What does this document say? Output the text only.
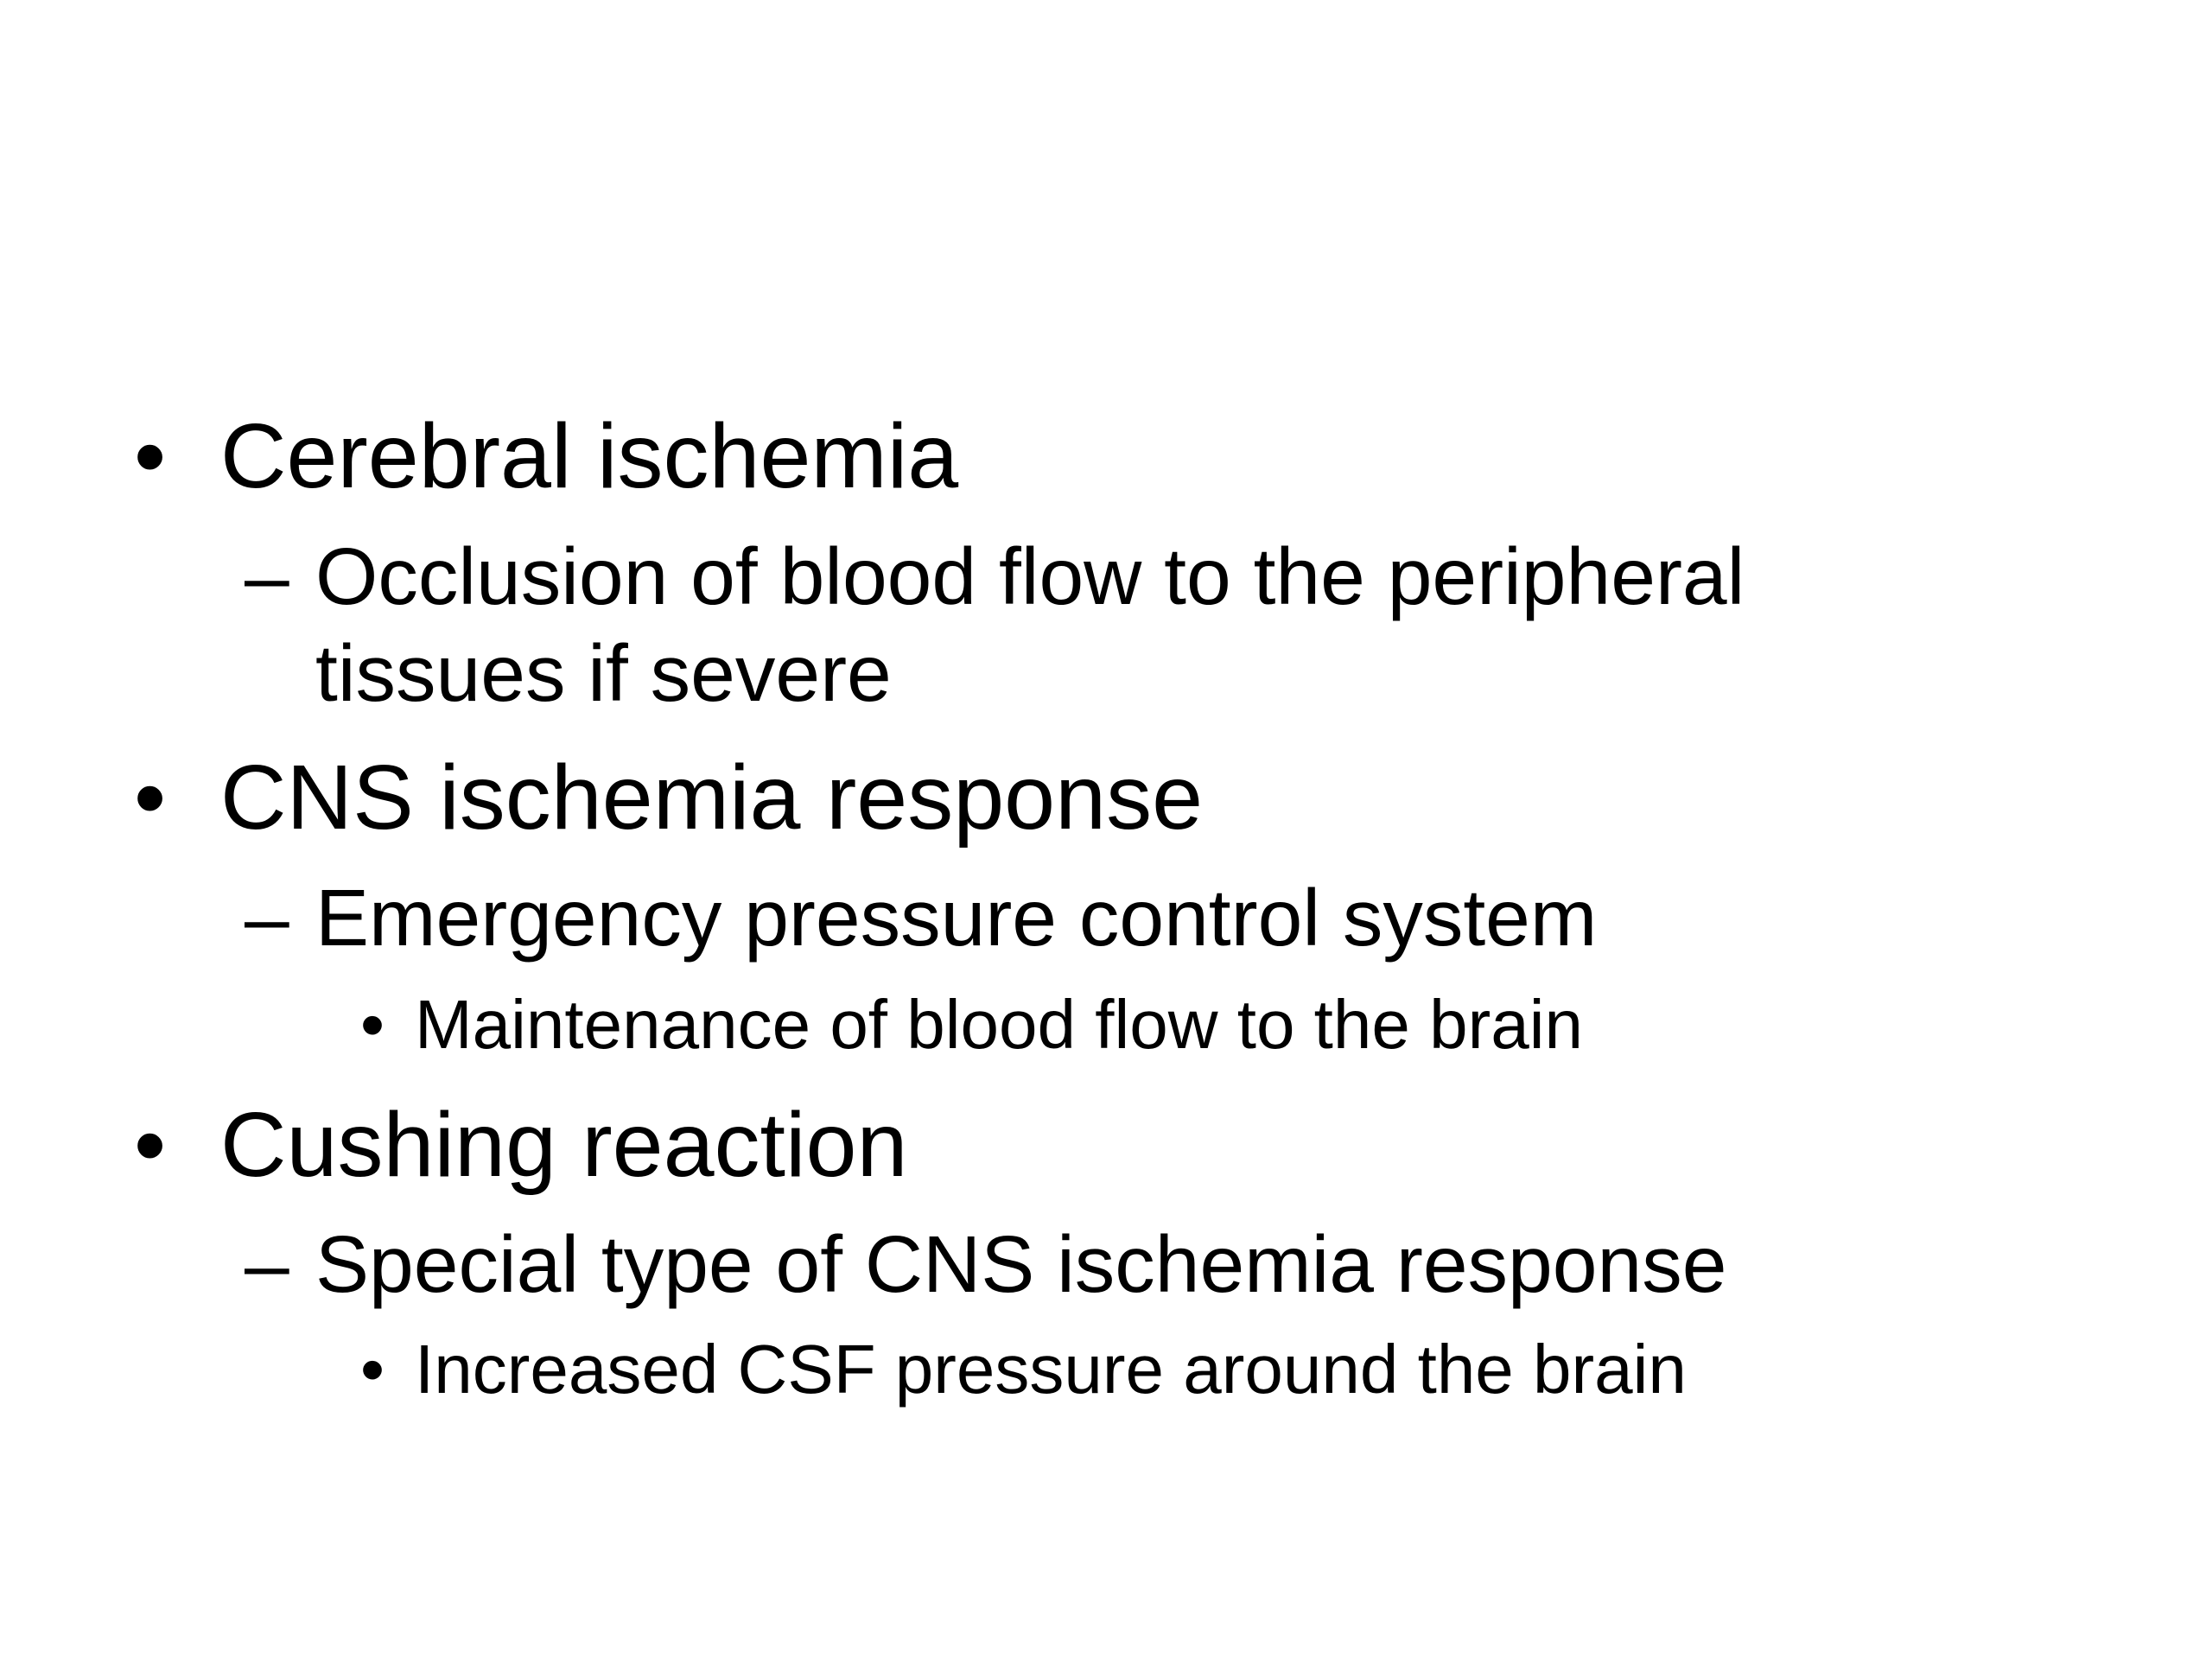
• Cerebral ischemia
– Occlusion of blood flow to the peripheral
tissues if severe
• CNS ischemia response
– Emergency pressure control system
• Maintenance of blood flow to the brain
• Cushing reaction
– Special type of CNS ischemia response
• Increased CSF pressure around the brain
